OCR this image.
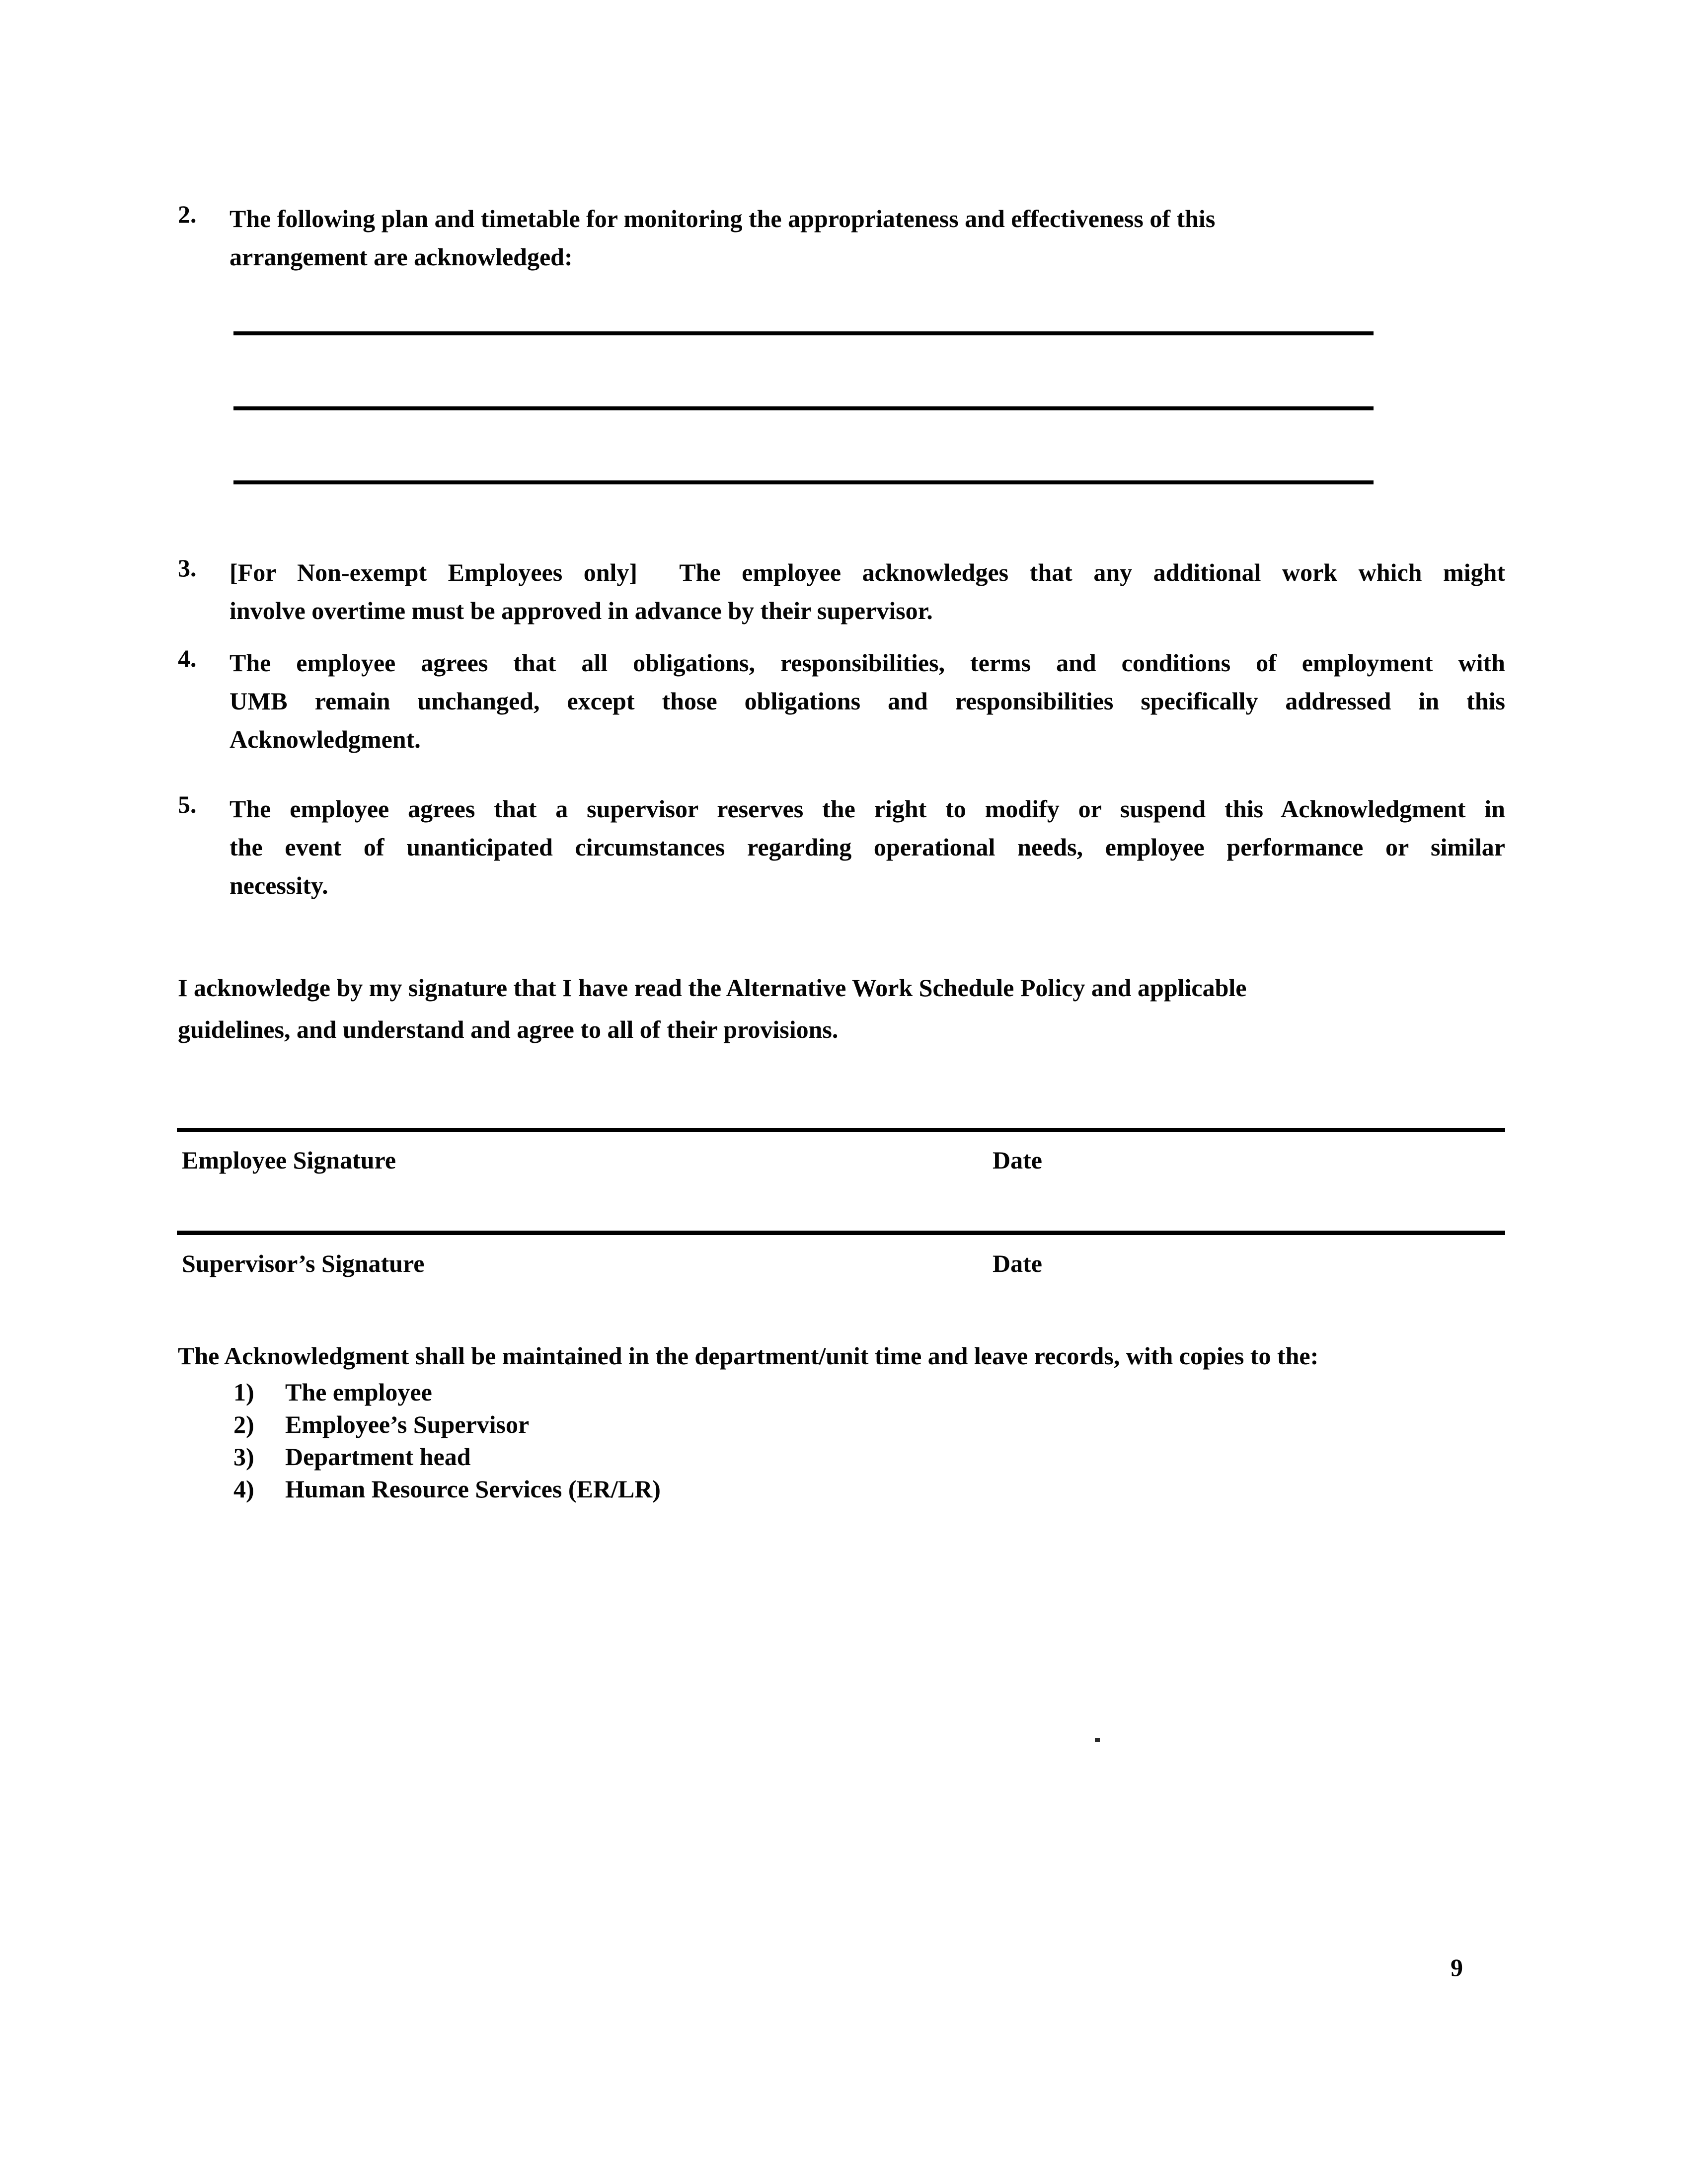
2.	The following plan and timetable for monitoring the appropriateness and effectiveness of this
arrangement are acknowledged:
3.	[For Non-exempt Employees only]  The employee acknowledges that any additional work which might
involve overtime must be approved in advance by their supervisor.
4.	The employee agrees that all obligations, responsibilities, terms and conditions of employment with
UMB remain unchanged, except those obligations and responsibilities specifically addressed in this
Acknowledgment.
5.	The employee agrees that a supervisor reserves the right to modify or suspend this Acknowledgment in
the event of unanticipated circumstances regarding operational needs, employee performance or similar
necessity.
I acknowledge by my signature that I have read the Alternative Work Schedule Policy and applicable
guidelines, and understand and agree to all of their provisions.
Employee Signature	Date
Supervisor’s Signature	Date
The Acknowledgment shall be maintained in the department/unit time and leave records, with copies to the:
1)	The employee
2)	Employee’s Supervisor
3)	Department head
4)	Human Resource Services (ER/LR)
9
